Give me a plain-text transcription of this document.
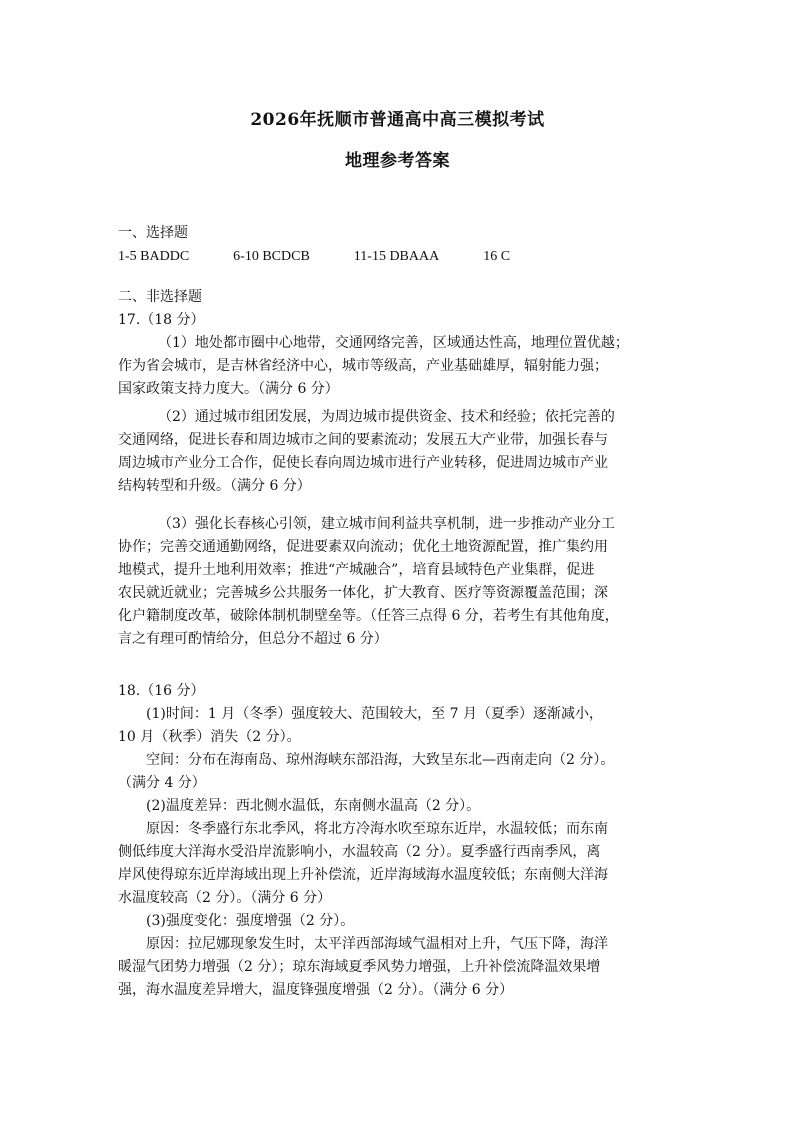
2026年抚顺市普通高中高三模拟考试
地理参考答案
一、选择题
1-5 BADDC	6-10 BCDCB	11-15 DBAAA	16 C
二、非选择题
17.（18 分）
（1）地处都市圈中心地带，交通网络完善，区域通达性高，地理位置优越；
作为省会城市，是吉林省经济中心，城市等级高，产业基础雄厚，辐射能力强；
国家政策支持力度大。（满分 6 分）
（2）通过城市组团发展，为周边城市提供资金、技术和经验；依托完善的
交通网络，促进长春和周边城市之间的要素流动；发展五大产业带，加强长春与
周边城市产业分工合作，促使长春向周边城市进行产业转移，促进周边城市产业
结构转型和升级。（满分 6 分）
（3）强化长春核心引领，建立城市间利益共享机制，进一步推动产业分工
协作；完善交通通勤网络，促进要素双向流动；优化土地资源配置，推广集约用
地模式，提升土地利用效率；推进“产城融合”，培育县域特色产业集群，促进
农民就近就业；完善城乡公共服务一体化，扩大教育、医疗等资源覆盖范围；深
化户籍制度改革，破除体制机制壁垒等。（任答三点得 6 分，若考生有其他角度，
言之有理可酌情给分，但总分不超过 6 分）
18.（16 分）
(1)时间：1 月（冬季）强度较大、范围较大，至 7 月（夏季）逐渐减小，
10 月（秋季）消失（2 分）。
空间：分布在海南岛、琼州海峡东部沿海，大致呈东北—西南走向（2 分）。
（满分 4 分）
(2)温度差异：西北侧水温低，东南侧水温高（2 分）。
原因：冬季盛行东北季风，将北方冷海水吹至琼东近岸，水温较低；而东南
侧低纬度大洋海水受沿岸流影响小，水温较高（2 分）。夏季盛行西南季风，离
岸风使得琼东近岸海域出现上升补偿流，近岸海域海水温度较低；东南侧大洋海
水温度较高（2 分）。（满分 6 分）
(3)强度变化：强度增强（2 分）。
原因：拉尼娜现象发生时，太平洋西部海域气温相对上升，气压下降，海洋
暖湿气团势力增强（2 分）；琼东海域夏季风势力增强，上升补偿流降温效果增
强，海水温度差异增大，温度锋强度增强（2 分）。（满分 6 分）
